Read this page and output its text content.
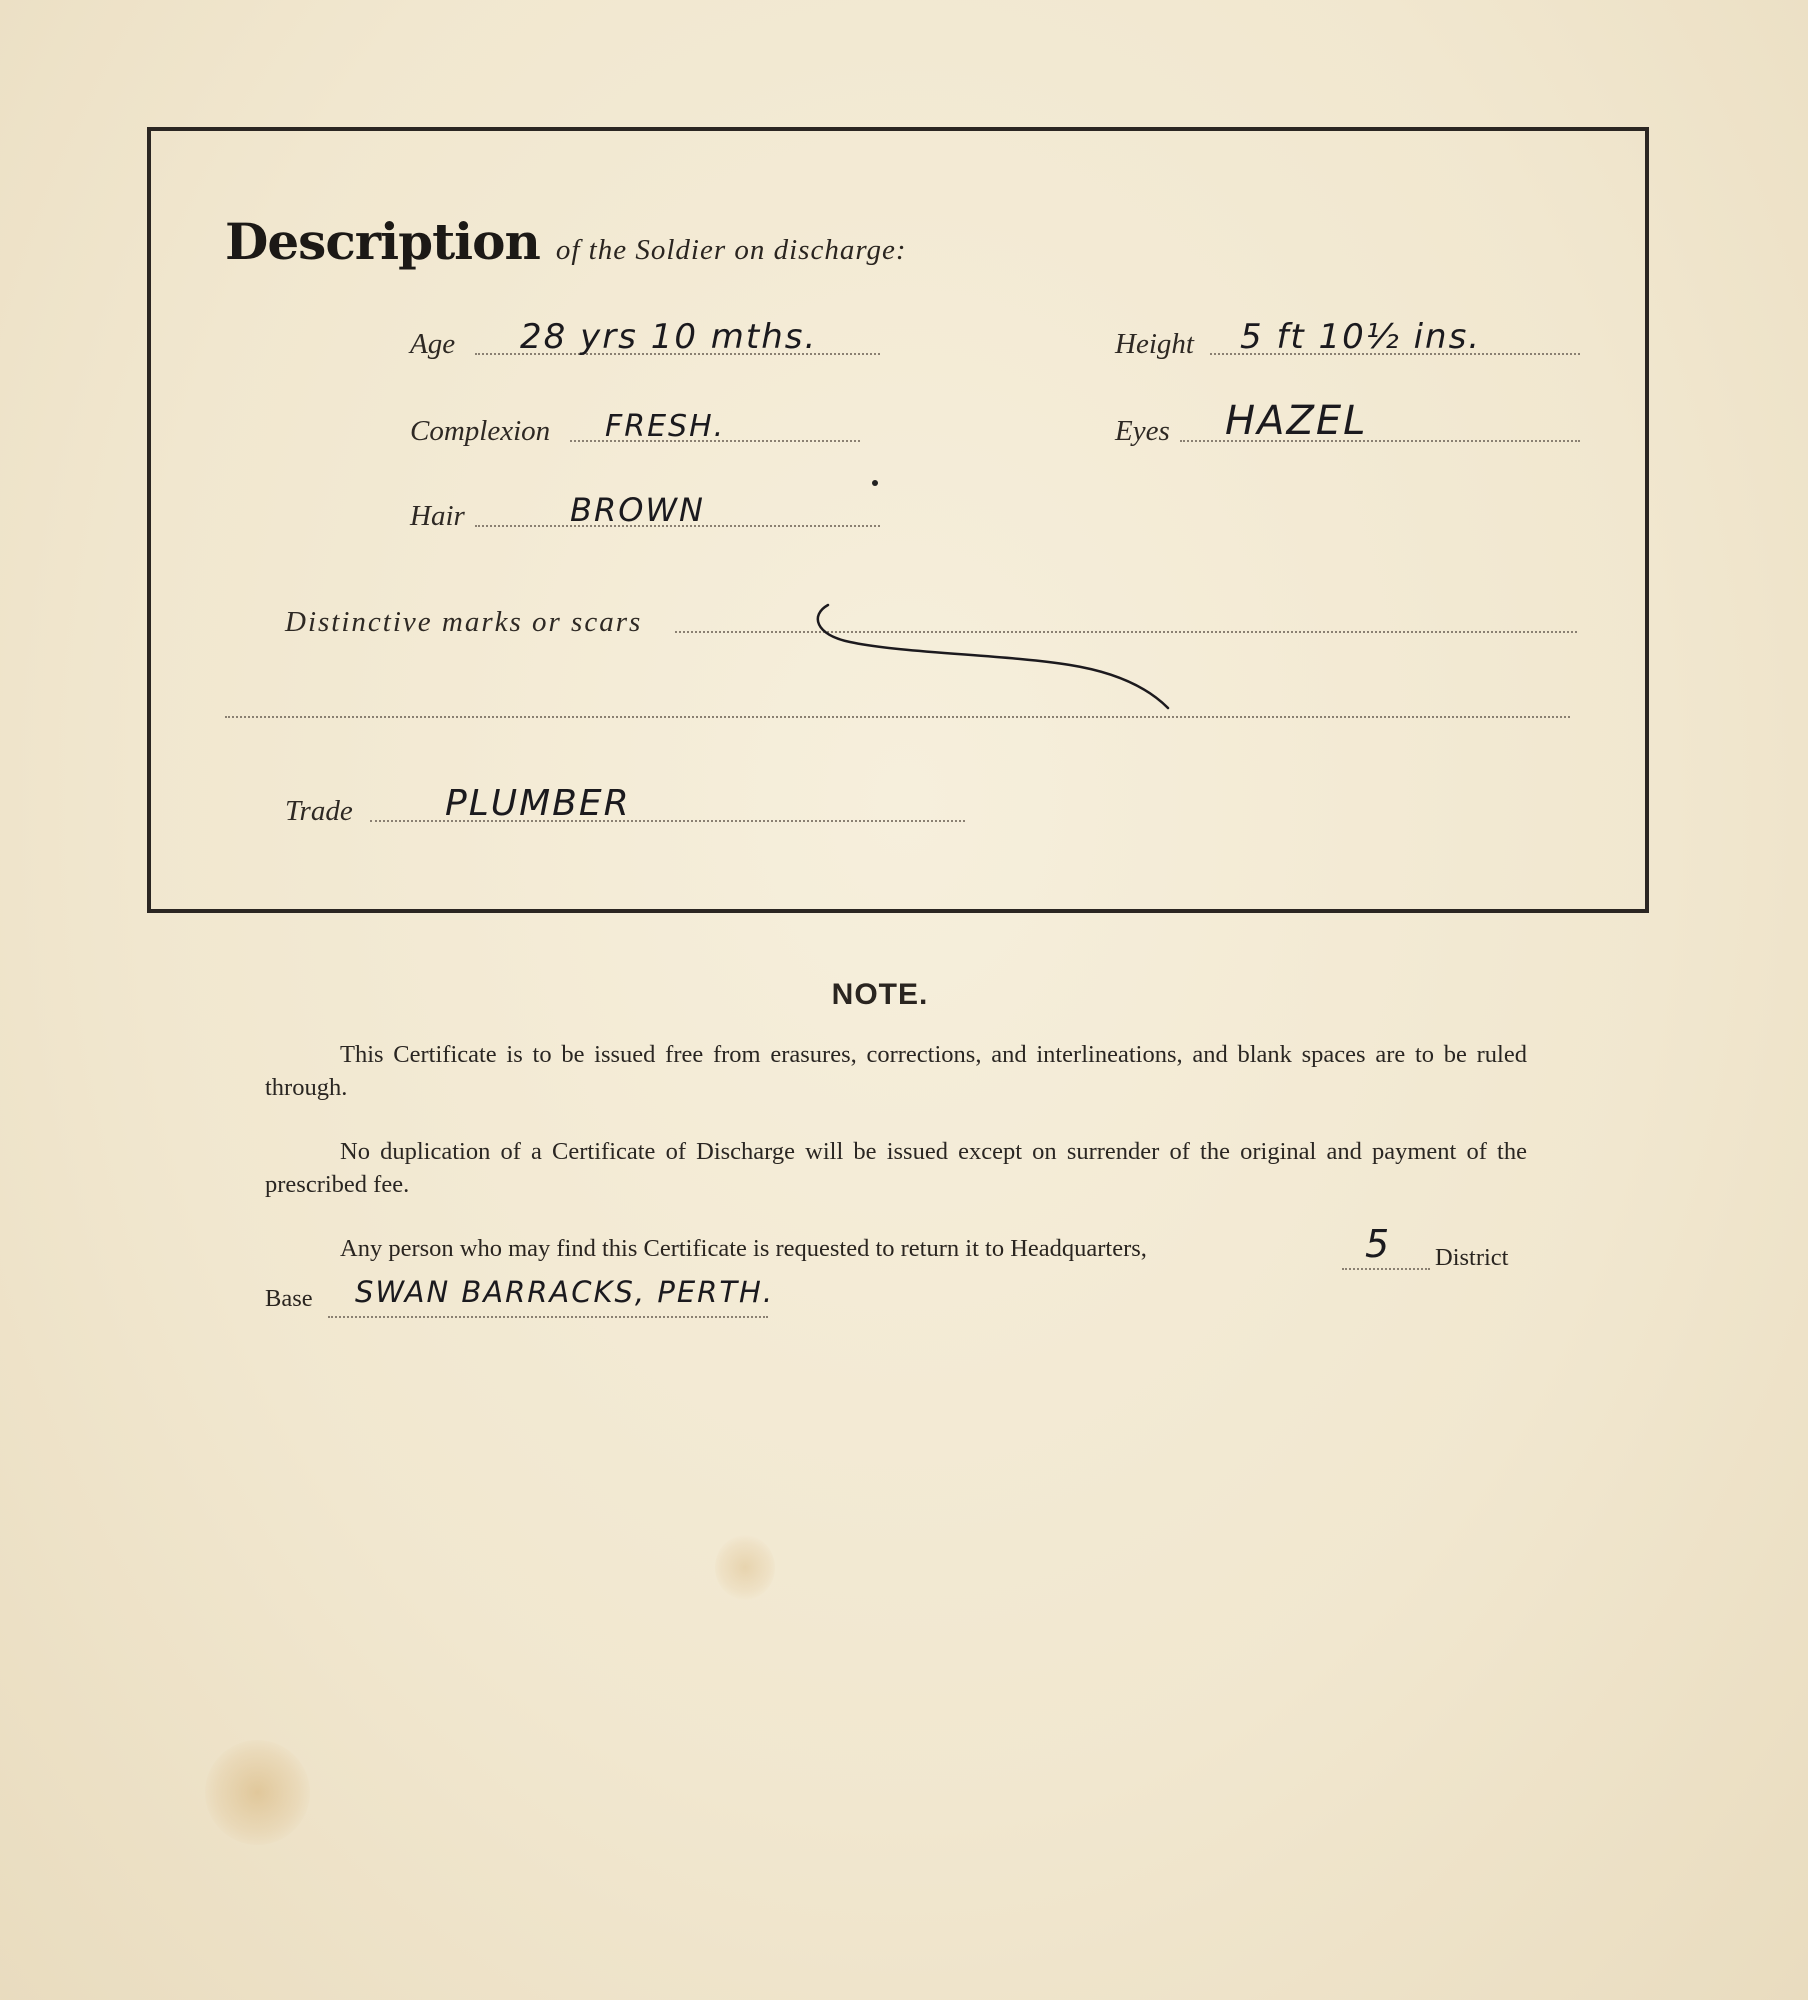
Description of the Soldier on discharge:
Age 28 yrs 10 mths.	Height 5 ft 10½ ins.
Complexion FRESH.	Eyes HAZEL
Hair	BROWN
Distinctive marks or scars
Trade	PLUMBER
NOTE.
This Certificate is to be issued free from erasures, corrections, and interlineations, and blank spaces are to be ruled through.
No duplication of a Certificate of Discharge will be issued except on surrender of the original and payment of the prescribed fee.
Any person who may find this Certificate is requested to return it to Headquarters,	5 District
Base SWAN BARRACKS, PERTH.
